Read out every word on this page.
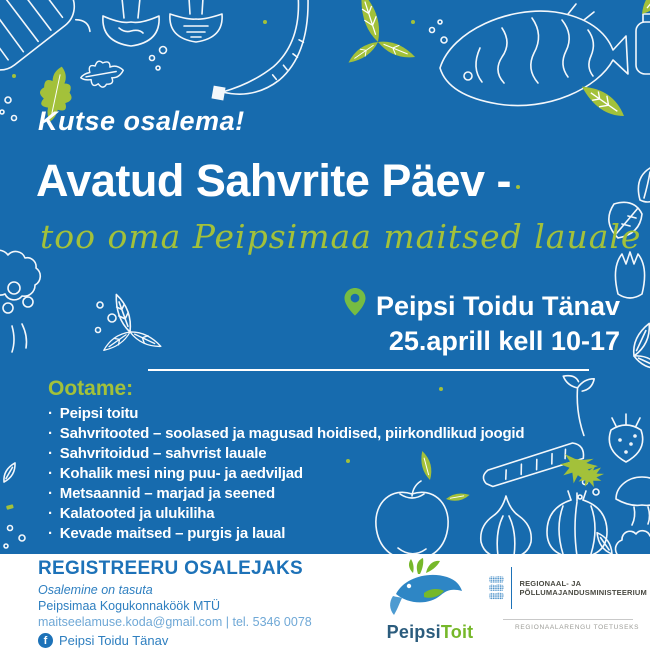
Kutse osalema!
Avatud Sahvrite Päev -
too oma Peipsimaa maitsed lauale
Peipsi Toidu Tänav
25.aprill kell 10-17
Ootame:
· Peipsi toitu
· Sahvritooted – soolased ja magusad hoidised, piirkondlikud joogid
· Sahvritoidud – sahvrist lauale
· Kohalik mesi ning puu- ja aedviljad
· Metsaannid – marjad ja seened
· Kalatooted ja ulukiliha
· Kevade maitsed – purgis ja laual
REGISTREERU OSALEJAKS
Osalemine on tasuta
Peipsimaa Kogukonnaköök MTÜ
maitseelamuse.koda@gmail.com | tel. 5346 0078
f Peipsi Toidu Tänav	PeipsiToit
REGIONAAL- JA
PÕLLUMAJANDUSMINISTEERIUM
REGIONAALARENGU TOETUSEKS
